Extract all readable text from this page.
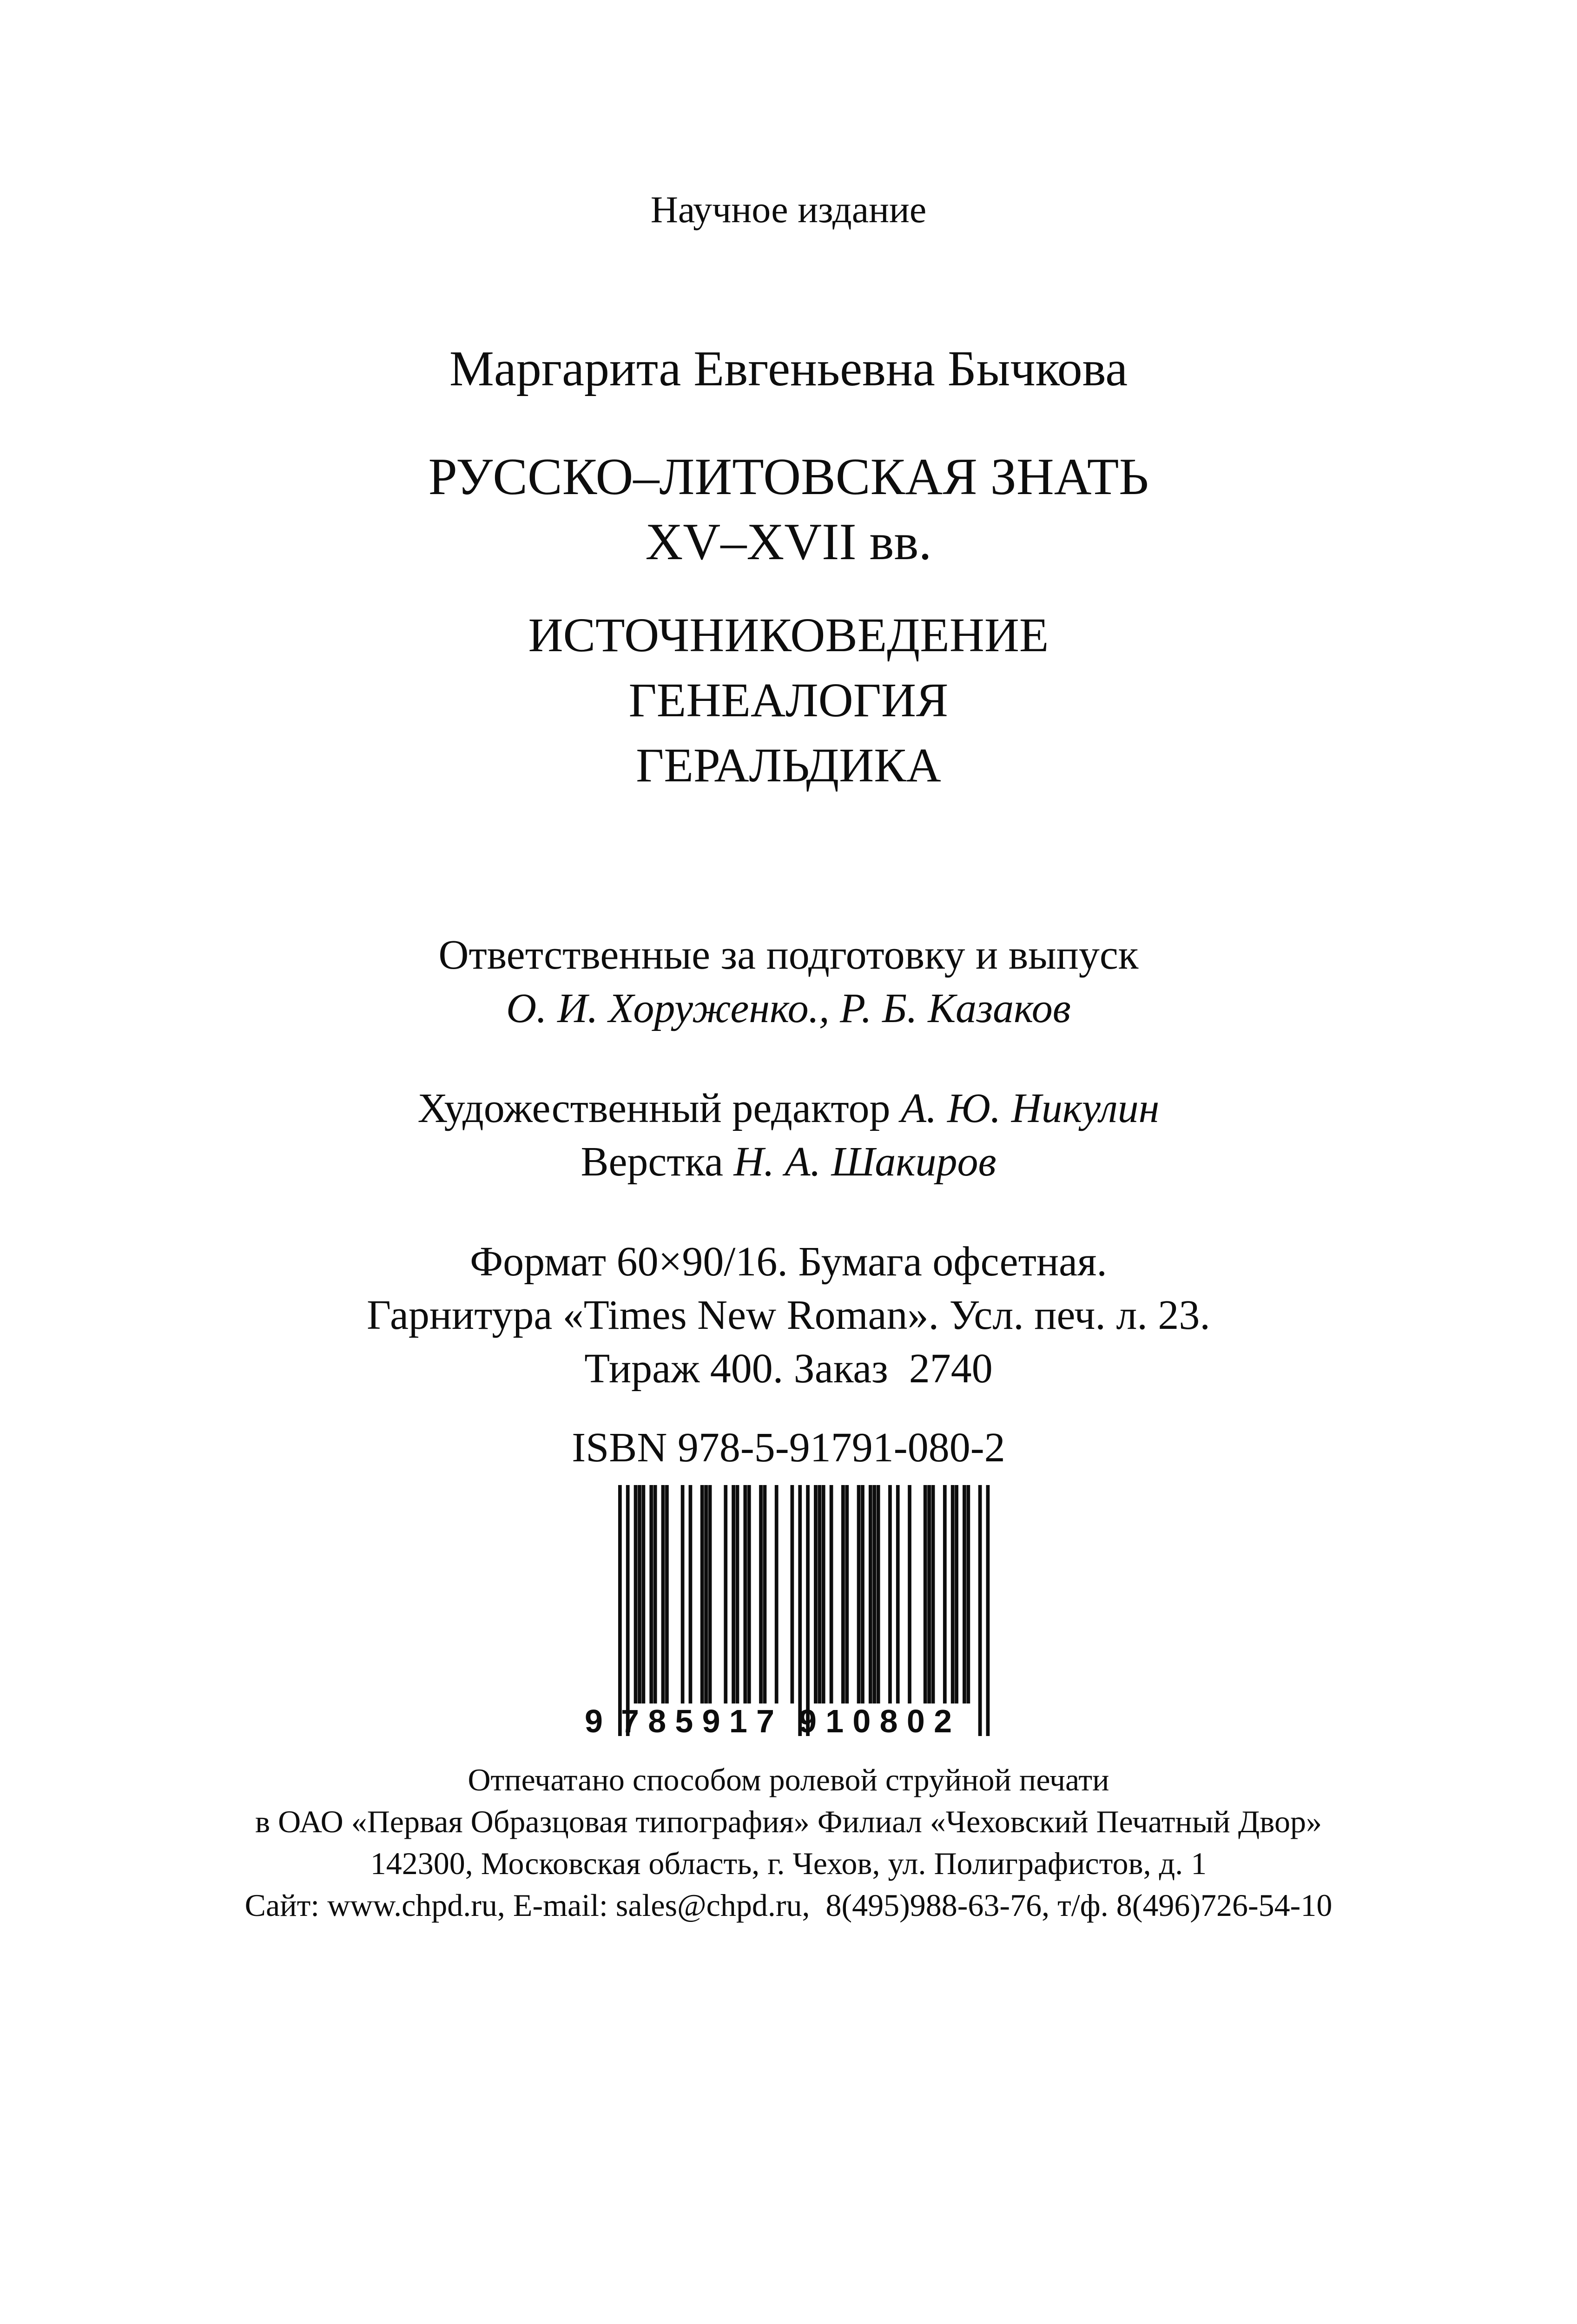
Научное издание
Маргарита Евгеньевна Бычкова
РУССКО–ЛИТОВСКАЯ ЗНАТЬ
XV–XVII вв.
ИСТОЧНИКОВЕДЕНИЕ
ГЕНЕАЛОГИЯ
ГЕРАЛЬДИКА
Ответственные за подготовку и выпуск
О. И. Хоруженко., Р. Б. Казаков
Художественный редактор А. Ю. Никулин
Верстка Н. А. Шакиров
Формат 60×90/16. Бумага офсетная.
Гарнитура «Times New Roman». Усл. печ. л. 23.
Тираж 400. Заказ  2740
ISBN 978-5-91791-080-2
9 785917 910802
Отпечатано способом ролевой струйной печати
в ОАО «Первая Образцовая типография» Филиал «Чеховский Печатный Двор»
142300, Московская область, г. Чехов, ул. Полиграфистов, д. 1
Сайт: www.chpd.ru, E-mail: sales@chpd.ru,  8(495)988-63-76, т/ф. 8(496)726-54-10
